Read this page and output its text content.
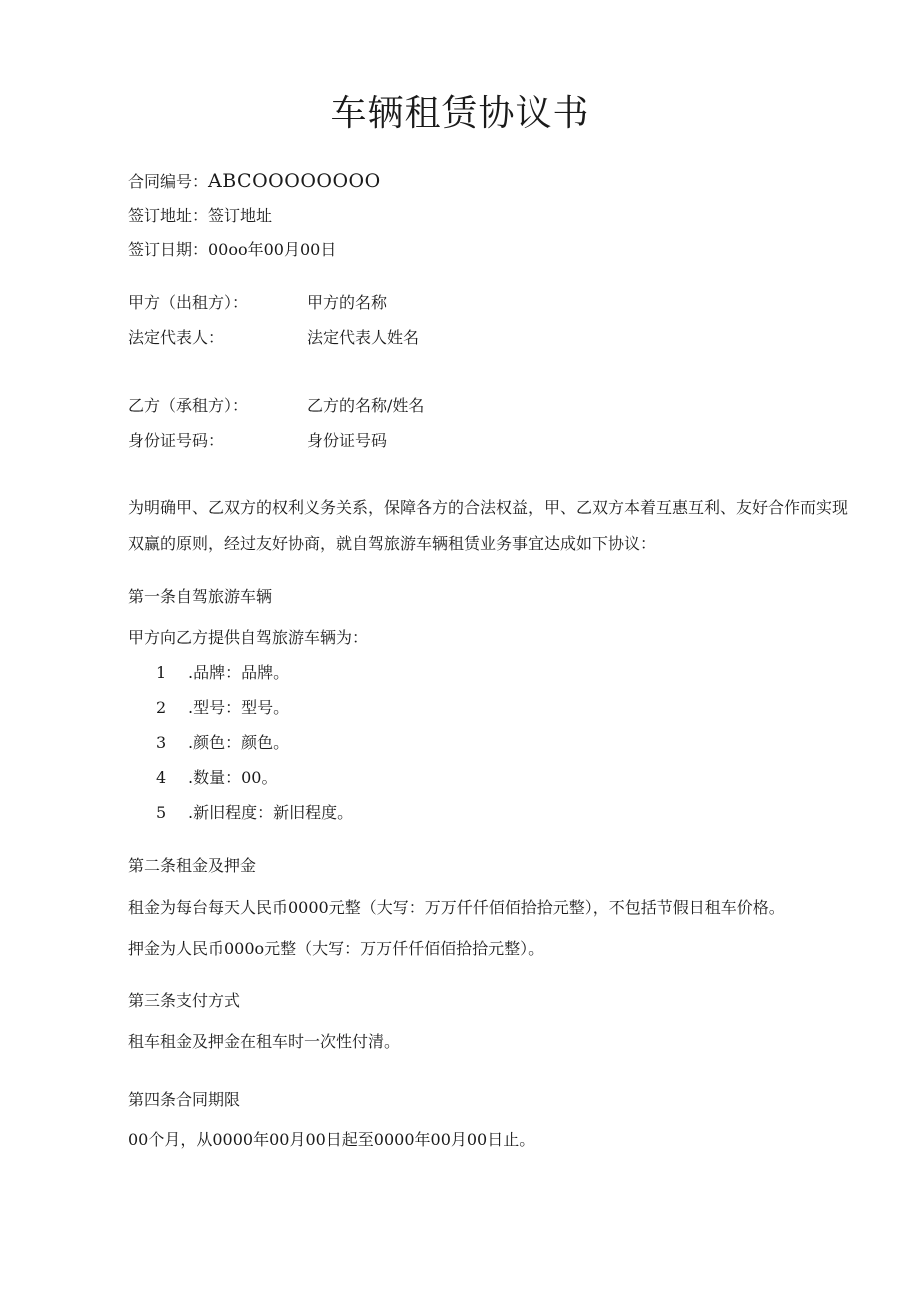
车辆租赁协议书
合同编号：ABCOOOOOOOO
签订地址：签订地址
签订日期：00oo年00月00日
甲方（出租方）：	甲方的名称
法定代表人：	法定代表人姓名
乙方（承租方）：	乙方的名称/姓名
身份证号码：	身份证号码
为明确甲、乙双方的权利义务关系，保障各方的合法权益，甲、乙双方本着互惠互利、友好合作而实现双赢的原则，经过友好协商，就自驾旅游车辆租赁业务事宜达成如下协议：
第一条自驾旅游车辆
甲方向乙方提供自驾旅游车辆为：
1 .品牌：品牌。
2 .型号：型号。
3 .颜色：颜色。
4 .数量：00。
5 .新旧程度：新旧程度。
第二条租金及押金
租金为每台每天人民币0000元整（大写：万万仟仟佰佰拾拾元整），不包括节假日租车价格。
押金为人民币000o元整（大写：万万仟仟佰佰拾拾元整）。
第三条支付方式
租车租金及押金在租车时一次性付清。
第四条合同期限
00个月，从0000年00月00日起至0000年00月00日止。
